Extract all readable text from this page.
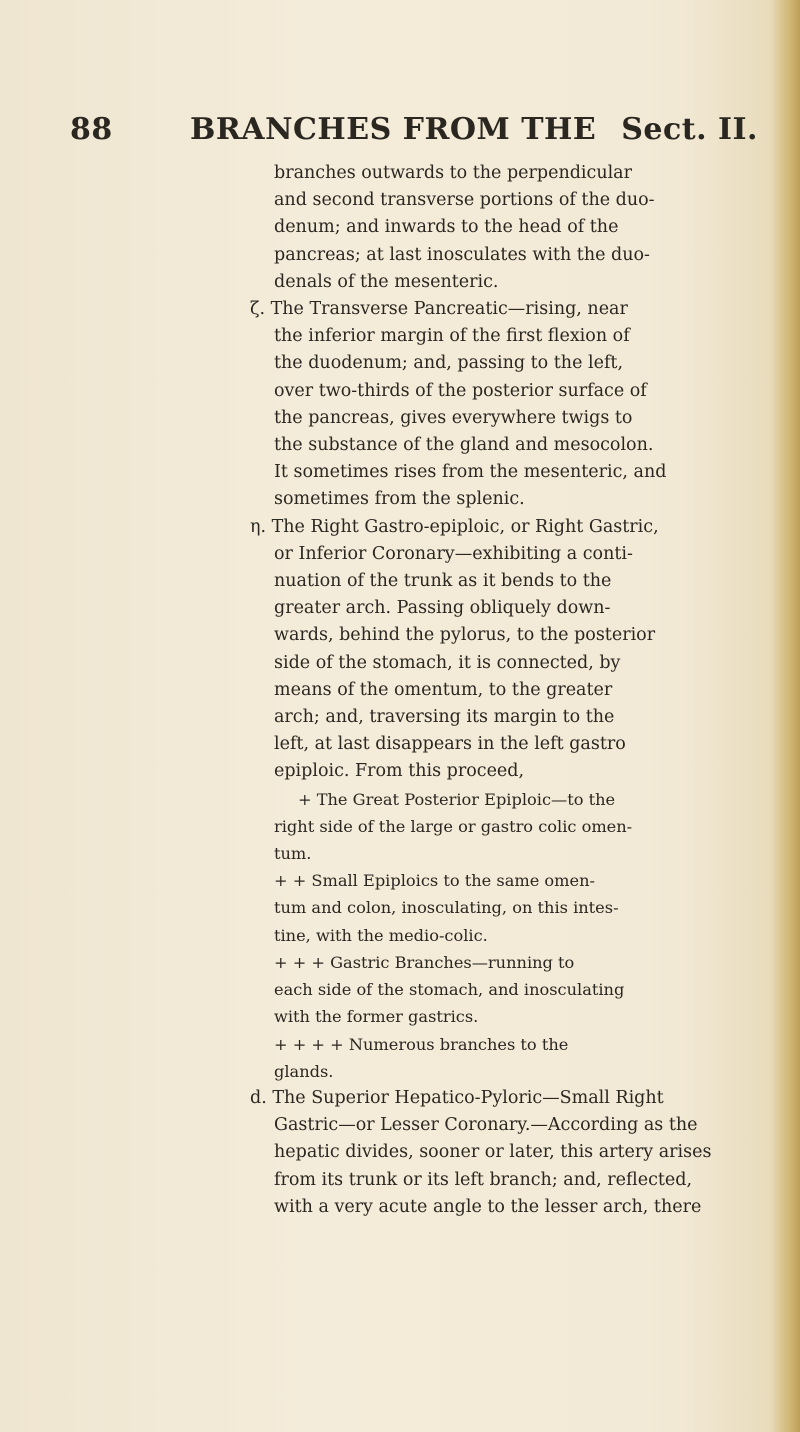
88	BRANCHES FROM THE Sect. II.
branches outwards to the perpendicular
and second transverse portions of the duo-
denum; and inwards to the head of the
pancreas; at last inosculates with the duo-
denals of the mesenteric.
ζ. The Transverse Pancreatic—rising, near
the inferior margin of the first flexion of
the duodenum; and, passing to the left,
over two-thirds of the posterior surface of
the pancreas, gives everywhere twigs to
the substance of the gland and mesocolon.
It sometimes rises from the mesenteric, and
sometimes from the splenic.
η. The Right Gastro-epiploic, or Right Gastric,
or Inferior Coronary—exhibiting a conti-
nuation of the trunk as it bends to the
greater arch. Passing obliquely down-
wards, behind the pylorus, to the posterior
side of the stomach, it is connected, by
means of the omentum, to the greater
arch; and, traversing its margin to the
left, at last disappears in the left gastro
epiploic. From this proceed,
+ The Great Posterior Epiploic—to the
right side of the large or gastro colic omen-
tum.
+ + Small Epiploics to the same omen-
tum and colon, inosculating, on this intes-
tine, with the medio-colic.
+ + + Gastric Branches—running to
each side of the stomach, and inosculating
with the former gastrics.
+ + + + Numerous branches to the
glands.
d. The Superior Hepatico-Pyloric—Small Right
Gastric—or Lesser Coronary.—According as the
hepatic divides, sooner or later, this artery arises
from its trunk or its left branch; and, reflected,
with a very acute angle to the lesser arch, there
